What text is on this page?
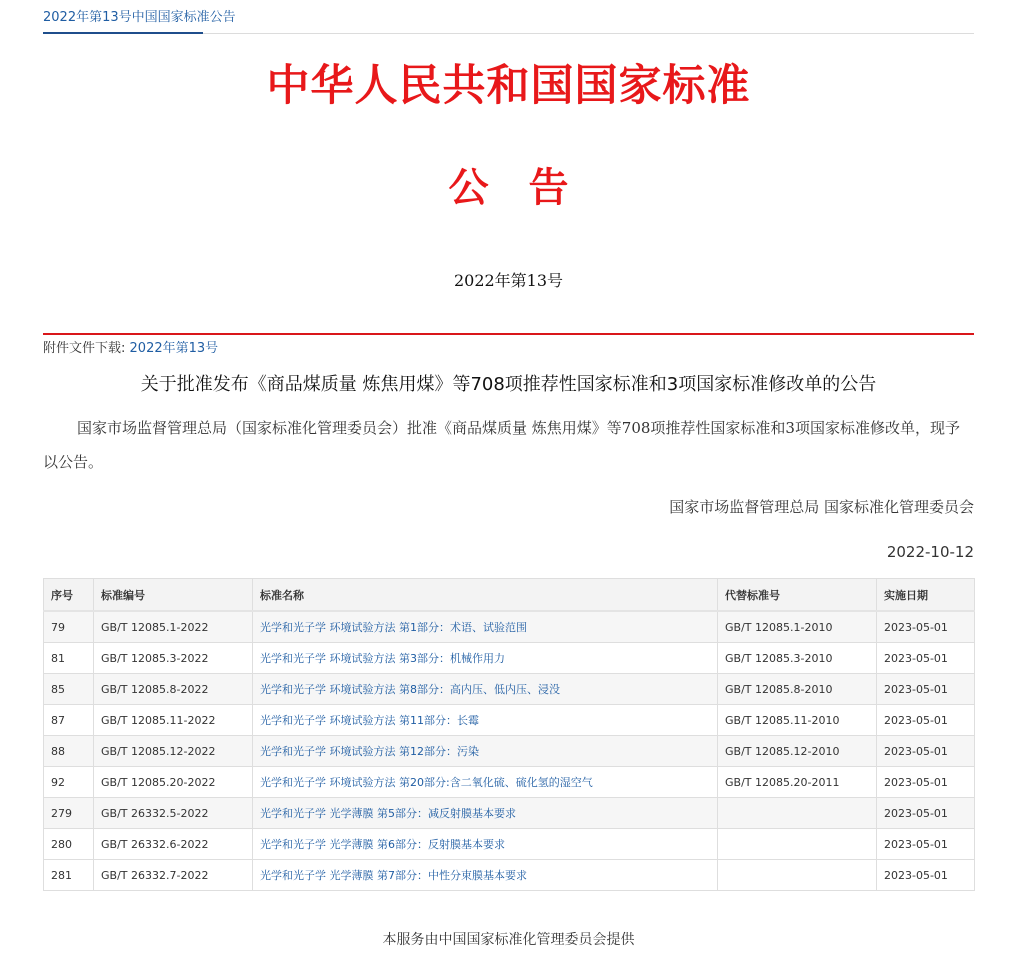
2022年第13号中国国家标准公告
中华人民共和国国家标准
公　告
2022年第13号
附件文件下载: 2022年第13号
关于批准发布《商品煤质量 炼焦用煤》等708项推荐性国家标准和3项国家标准修改单的公告
国家市场监督管理总局（国家标准化管理委员会）批准《商品煤质量 炼焦用煤》等708项推荐性国家标准和3项国家标准修改单，现予以公告。
国家市场监督管理总局 国家标准化管理委员会
2022-10-12
序号	标准编号	标准名称	代替标准号	实施日期
79	GB/T 12085.1-2022	光学和光子学 环境试验方法 第1部分：术语、试验范围	GB/T 12085.1-2010	2023-05-01
81	GB/T 12085.3-2022	光学和光子学 环境试验方法 第3部分：机械作用力	GB/T 12085.3-2010	2023-05-01
85	GB/T 12085.8-2022	光学和光子学 环境试验方法 第8部分：高内压、低内压、浸没	GB/T 12085.8-2010	2023-05-01
87	GB/T 12085.11-2022	光学和光子学 环境试验方法 第11部分：长霉	GB/T 12085.11-2010	2023-05-01
88	GB/T 12085.12-2022	光学和光子学 环境试验方法 第12部分：污染	GB/T 12085.12-2010	2023-05-01
92	GB/T 12085.20-2022	光学和光子学 环境试验方法 第20部分:含二氧化硫、硫化氢的湿空气	GB/T 12085.20-2011	2023-05-01
279	GB/T 26332.5-2022	光学和光子学 光学薄膜 第5部分：减反射膜基本要求		2023-05-01
280	GB/T 26332.6-2022	光学和光子学 光学薄膜 第6部分：反射膜基本要求		2023-05-01
281	GB/T 26332.7-2022	光学和光子学 光学薄膜 第7部分：中性分束膜基本要求		2023-05-01
本服务由中国国家标准化管理委员会提供
